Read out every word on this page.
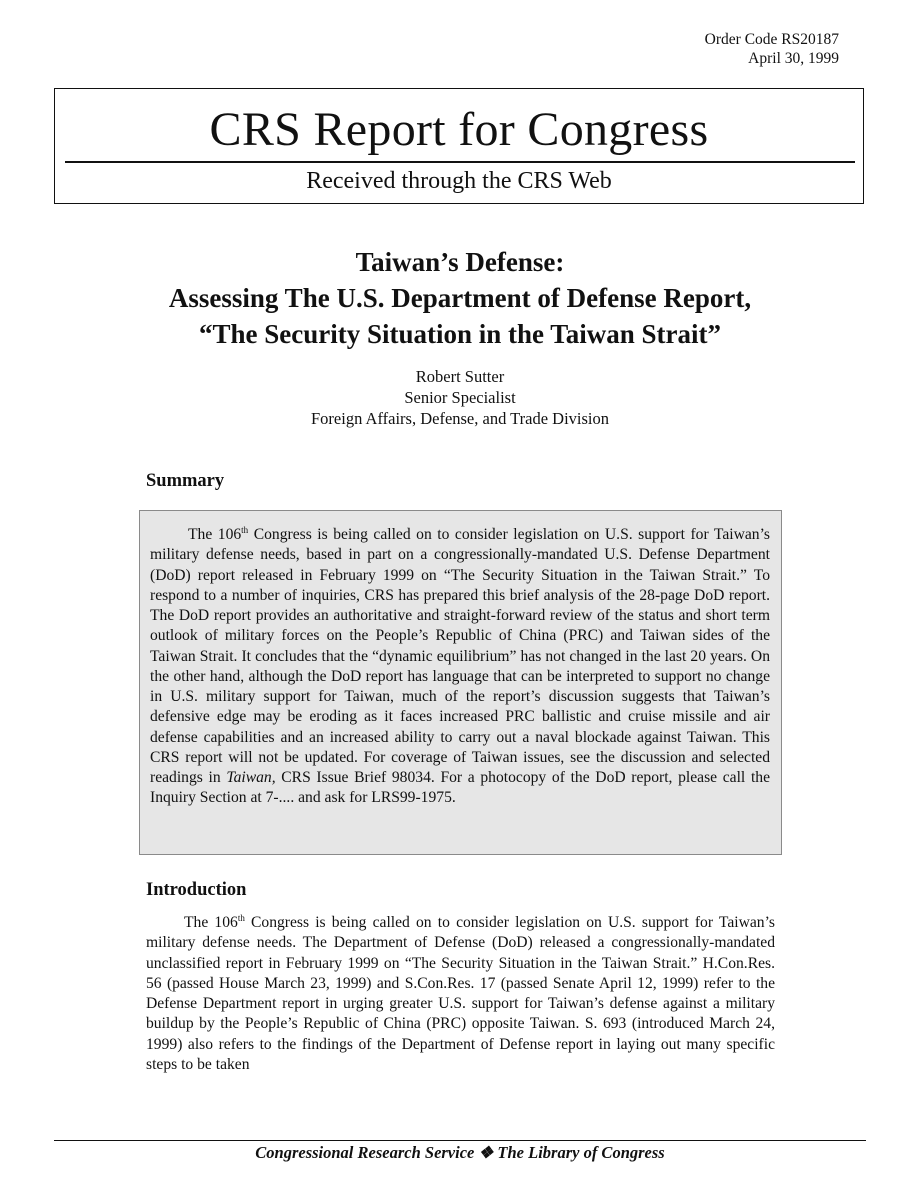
Order Code RS20187
April 30, 1999
CRS Report for Congress
Received through the CRS Web
Taiwan’s Defense:
Assessing The U.S. Department of Defense Report,
“The Security Situation in the Taiwan Strait”
Robert Sutter
Senior Specialist
Foreign Affairs, Defense, and Trade Division
Summary

The 106th Congress is being called on to consider legislation on U.S. support for Taiwan’s military defense needs, based in part on a congressionally-mandated U.S. Defense Department (DoD) report released in February 1999 on “The Security Situation in the Taiwan Strait.” To respond to a number of inquiries, CRS has prepared this brief analysis of the 28-page DoD report. The DoD report provides an authoritative and straight-forward review of the status and short term outlook of military forces on the People’s Republic of China (PRC) and Taiwan sides of the Taiwan Strait. It concludes that the “dynamic equilibrium” has not changed in the last 20 years. On the other hand, although the DoD report has language that can be interpreted to support no change in U.S. military support for Taiwan, much of the report’s discussion suggests that Taiwan’s defensive edge may be eroding as it faces increased PRC ballistic and cruise missile and air defense capabilities and an increased ability to carry out a naval blockade against Taiwan. This CRS report will not be updated. For coverage of Taiwan issues, see the discussion and selected readings in Taiwan, CRS Issue Brief 98034. For a photocopy of the DoD report, please call the Inquiry Section at 7-.... and ask for LRS99-1975.

Introduction

The 106th Congress is being called on to consider legislation on U.S. support for Taiwan’s military defense needs. The Department of Defense (DoD) released a congressionally-mandated unclassified report in February 1999 on “The Security Situation in the Taiwan Strait.” H.Con.Res. 56 (passed House March 23, 1999) and S.Con.Res. 17 (passed Senate April 12, 1999) refer to the Defense Department report in urging greater U.S. support for Taiwan’s defense against a military buildup by the People’s Republic of China (PRC) opposite Taiwan. S. 693 (introduced March 24, 1999) also refers to the findings of the Department of Defense report in laying out many specific steps to be taken

Congressional Research Service ❖ The Library of Congress
